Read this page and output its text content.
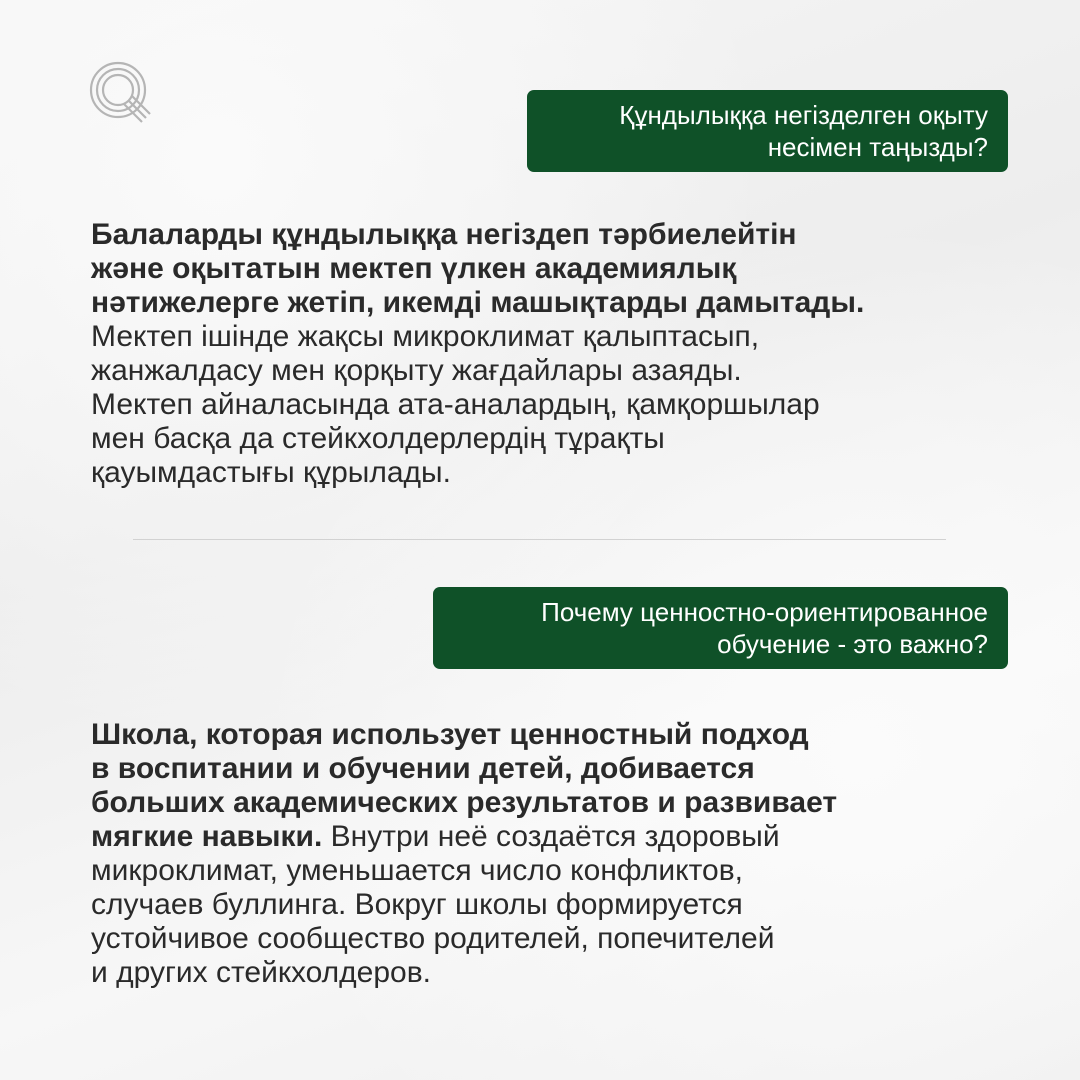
Құндылыққа негізделген оқыту
несімен таңызды?
Балаларды құндылыққа негіздеп тәрбиелейтін
және оқытатын мектеп үлкен академиялық
нәтижелерге жетіп, икемді машықтарды дамытады.
Мектеп ішінде жақсы микроклимат қалыптасып,
жанжалдасу мен қорқыту жағдайлары азаяды.
Мектеп айналасында ата-аналардың, қамқоршылар
мен басқа да стейкхолдерлердің тұрақты
қауымдастығы құрылады.
Почему ценностно-ориентированное
обучение - это важно?
Школа, которая использует ценностный подход
в воспитании и обучении детей, добивается
больших академических результатов и развивает
мягкие навыки. Внутри неё создаётся здоровый
микроклимат, уменьшается число конфликтов,
случаев буллинга. Вокруг школы формируется
устойчивое сообщество родителей, попечителей
и других стейкхолдеров.
